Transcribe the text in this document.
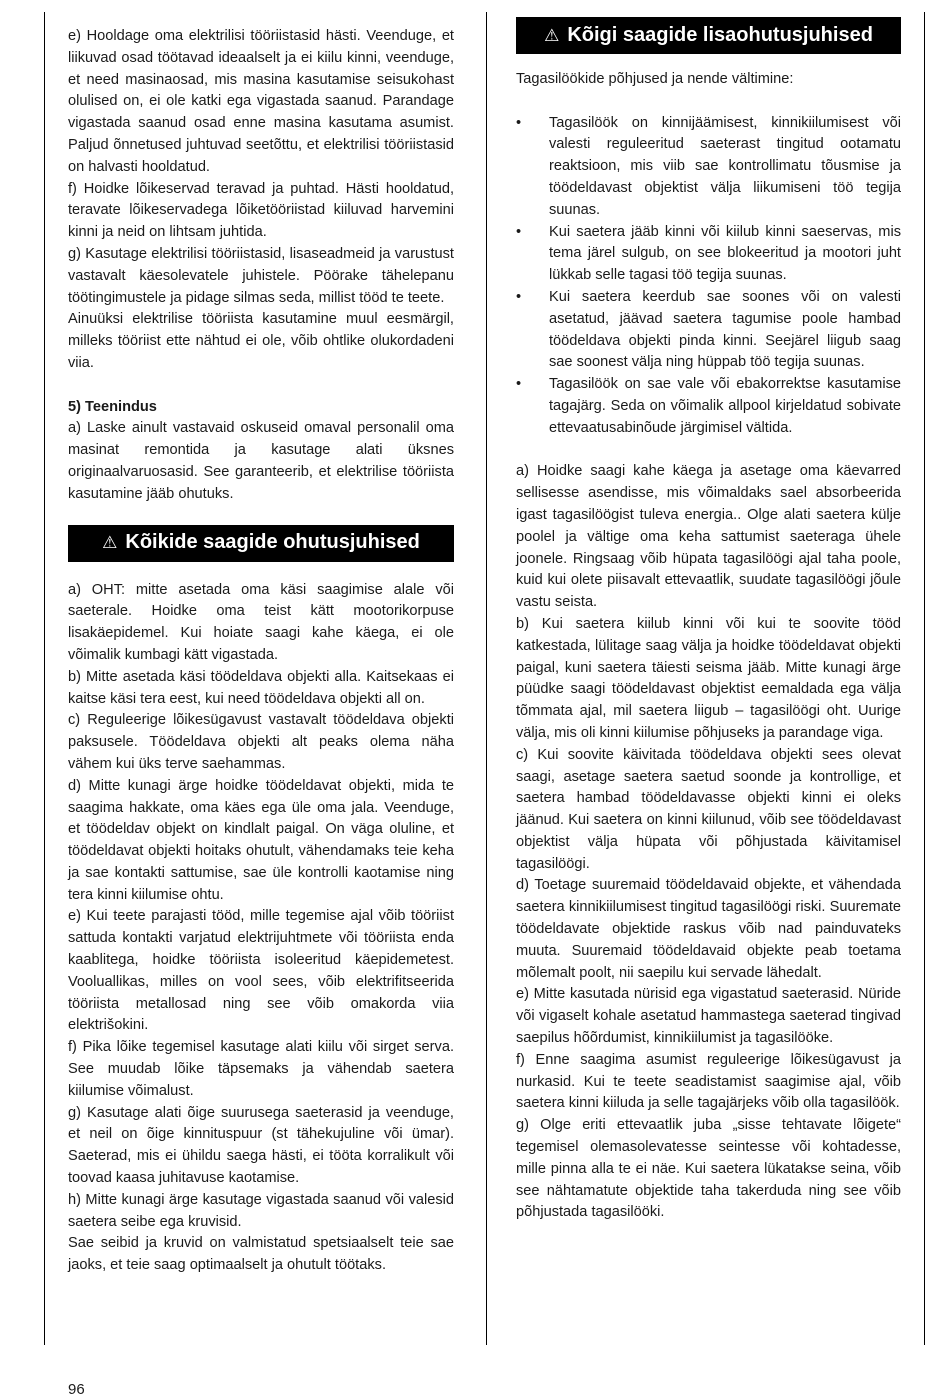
e) Hooldage oma elektrilisi tööriistasid hästi. Veenduge, et liikuvad osad töötavad ideaalselt ja ei kiilu kinni, veenduge, et need masinaosad, mis masina kasutamise seisukohast olulised on, ei ole katki ega vigastada saanud. Parandage vigastada saanud osad enne masina kasutama asumist. Paljud õnnetused juhtuvad seetõttu, et elektrilisi tööriistasid on halvasti hooldatud.

f) Hoidke lõikeservad teravad ja puhtad. Hästi hooldatud, teravate lõikeservadega lõiketööriistad kiiluvad harvemini kinni ja neid on lihtsam juhtida.

g) Kasutage elektrilisi tööriistasid, lisaseadmeid ja varustust vastavalt käesolevatele juhistele. Pöörake tähelepanu töötingimustele ja pidage silmas seda, millist tööd te teete.

Ainuüksi elektrilise tööriista kasutamine muul eesmärgil, milleks tööriist ette nähtud ei ole, võib ohtlike olukordadeni viia.

5) Teenindus

a) Laske ainult vastavaid oskuseid omaval personalil oma masinat remontida ja kasutage alati üksnes originaalvaruosasid. See garanteerib, et elektrilise tööriista kasutamine jääb ohutuks.

⚠ Kõikide saagide ohutusjuhised

a) OHT: mitte asetada oma käsi saagimise alale või saeterale. Hoidke oma teist kätt mootorikorpuse lisakäepidemel. Kui hoiate saagi kahe käega, ei ole võimalik kumbagi kätt vigastada.

b) Mitte asetada käsi töödeldava objekti alla. Kaitsekaas ei kaitse käsi tera eest, kui need töödeldava objekti all on.

c) Reguleerige lõikesügavust vastavalt töödeldava objekti paksusele. Töödeldava objekti alt peaks olema näha vähem kui üks terve saehammas.

d) Mitte kunagi ärge hoidke töödeldavat objekti, mida te saagima hakkate, oma käes ega üle oma jala. Veenduge, et töödeldav objekt on kindlalt paigal. On väga oluline, et töödeldavat objekti hoitaks ohutult, vähendamaks teie keha ja sae kontakti sattumise, sae üle kontrolli kaotamise ning tera kinni kiilumise ohtu.

e) Kui teete parajasti tööd, mille tegemise ajal võib tööriist sattuda kontakti varjatud elektrijuhtmete või tööriista enda kaablitega, hoidke tööriista isoleeritud käepidemetest. Vooluallikas, milles on vool sees, võib elektrifitseerida tööriista metallosad ning see võib omakorda viia elektrišokini.

f) Pika lõike tegemisel kasutage alati kiilu või sirget serva. See muudab lõike täpsemaks ja vähendab saetera kiilumise võimalust.

g) Kasutage alati õige suurusega saeterasid ja veenduge, et neil on õige kinnituspuur (st tähekujuline või ümar). Saeterad, mis ei ühildu saega hästi, ei tööta korralikult või toovad kaasa juhitavuse kaotamise.

h) Mitte kunagi ärge kasutage vigastada saanud või valesid saetera seibe ega kruvisid.

Sae seibid ja kruvid on valmistatud spetsiaalselt teie sae jaoks, et teie saag optimaalselt ja ohutult töötaks.

⚠ Kõigi saagide lisaohutusjuhised

Tagasilöökide põhjused ja nende vältimine:

• Tagasilöök on kinnijäämisest, kinnikiilumisest või valesti reguleeritud saeterast tingitud ootamatu reaktsioon, mis viib sae kontrollimatu tõusmise ja töödeldavast objektist välja liikumiseni töö tegija suunas.
• Kui saetera jääb kinni või kiilub kinni saeservas, mis tema järel sulgub, on see blokeeritud ja mootori juht lükkab selle tagasi töö tegija suunas.
• Kui saetera keerdub sae soones või on valesti asetatud, jäävad saetera tagumise poole hambad töödeldava objekti pinda kinni. Seejärel liigub saag sae soonest välja ning hüppab töö tegija suunas.
• Tagasilöök on sae vale või ebakorrektse kasutamise tagajärg. Seda on võimalik allpool kirjeldatud sobivate ettevaatusabinõude järgimisel vältida.

a) Hoidke saagi kahe käega ja asetage oma käevarred sellisesse asendisse, mis võimaldaks sael absorbeerida igast tagasilöögist tuleva energia.. Olge alati saetera külje poolel ja vältige oma keha sattumist saeteraga ühele joonele. Ringsaag võib hüpata tagasilöögi ajal taha poole, kuid kui olete piisavalt ettevaatlik, suudate tagasilöögi jõule vastu seista.

b) Kui saetera kiilub kinni või kui te soovite tööd katkestada, lülitage saag välja ja hoidke töödeldavat objekti paigal, kuni saetera täiesti seisma jääb. Mitte kunagi ärge püüdke saagi töödeldavast objektist eemaldada ega välja tõmmata ajal, mil saetera liigub – tagasilöögi oht. Uurige välja, mis oli kinni kiilumise põhjuseks ja parandage viga.

c) Kui soovite käivitada töödeldava objekti sees olevat saagi, asetage saetera saetud soonde ja kontrollige, et saetera hambad töödeldavasse objekti kinni ei oleks jäänud. Kui saetera on kinni kiilunud, võib see töödeldavast objektist välja hüpata või põhjustada käivitamisel tagasilöögi.

d) Toetage suuremaid töödeldavaid objekte, et vähendada saetera kinnikiilumisest tingitud tagasilöögi riski. Suuremate töödeldavate objektide raskus võib nad painduvateks muuta. Suuremaid töödeldavaid objekte peab toetama mõlemalt poolt, nii saepilu kui servade lähedalt.

e) Mitte kasutada nürisid ega vigastatud saeterasid. Nüride või vigaselt kohale asetatud hammastega saeterad tingivad saepilus hõõrdumist, kinnikiilumist ja tagasilööke.

f) Enne saagima asumist reguleerige lõikesügavust ja nurkasid. Kui te teete seadistamist saagimise ajal, võib saetera kinni kiiluda ja selle tagajärjeks võib olla tagasilöök.

g) Olge eriti ettevaatlik juba „sisse tehtavate lõigete“ tegemisel olemasolevatesse seintesse või kohtadesse, mille pinna alla te ei näe. Kui saetera lükatakse seina, võib see nähtamatute objektide taha takerduda ning see võib põhjustada tagasilööki.

96
